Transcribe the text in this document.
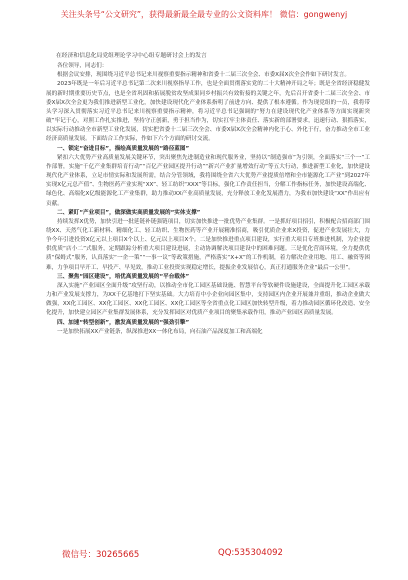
关注头条号“公文研究”，获得最新最全最专业的公文资料库！ 微信：gongwenyj
在经济和信息化局党组理论学习中心组专题研讨会上的发言

各位领导，同志们：

根据会议安排，现围绕习近平总书记来川视察重要指示精神和省委十二届三次全会、市委Ⅹ届Ⅹ次全会作如下研讨发言。

2023年既是一年后习近平总书记第二次来川视察指导工作，也是全面贯彻落实党的二十大精神开局之年；既是全省经济稳健发展的新时期重要历史节点，也是全省巩固和拓展脱贫攻坚成果同乡村振兴有效衔接的关键之年，先后召开省委十二届三次全会、市委Ⅹ届Ⅹ次全会更为我们推进新型工业化，加快建设现代化产业体系指明了前进方向、提供了根本遵循。作为现党组的一员，我将带头学习深入贯彻落实习近平总书记来川视察重要指示精神，将习近平总书记强调的“努力在建设现代化产业体系等方面实现新突破”牢记于心，对照工作扎实推进，坚持守正创新，勇于担当作为，切实扛牢主体责任、落实新的部署要求，迅速行动、狠抓落实，以实际行动推动全市新型工业化发展，切实把省委十二届三次全会、市委Ⅹ届Ⅹ次全会精神内化于心、外化于行，奋力推动全市工业经济高质量发展。下面结合工作实际，作如下六个方面的研讨交流。

一、锁定“奋进目标”，描绘高质量发展的“路径蓝图”

紧扣六大优势产业高质量发展关键环节，突出聚焦先进制造业和现代服务业，坚持以“制造强市”为引领，全面落实“三个一”工作部署，实施“千亿产业集群培育行动”“百亿产业园区提升行动”“新兴产业扩量增效行动”等五大行动，推进新型工业化，加快建设现代化产业体系，立足市情实际和发展所需，结合分管领域，我将围绕全省六大优势产业提质倍增和全市能源化工产业“到2027年实现Ⅹ亿元总产值”、生物医药产业实现“XX”、轻工纺织“XXX”等目标，强化工作责任担当，分解工作指标任务，加快建设高端化、绿色化、高端化Ⅹ亿级能源化工产业集群，助力推动XX产业高质量发展，充分释放工业化发展潜力，为我市加快建设“XX”作出应有贡献。

二、紧盯“产业项目”，做深做实高质量发展的“实体支撑”

持续发挥Ⅹ优势，加快引进一批延链补链强链项目，切实加快推进一批优势产业集群。一是抓好项目招引，积极配合招商部门围绕ⅩⅩ、天然气化工新材料、精细化工、轻工纺织、生物医药等产业开展精准招商，吸引优质企业来Ⅹ投资，促进产业发展壮大，力争今年引进投资Ⅹ亿元以上项目Ⅹ个以上、亿元以上项目Ⅹ个。二是加快推进重点项目建设，实行重大项目专班推进机制，为企业提供优质“店小二”式服务，定期跟踪分析重大项目建设进展，主动协调解决项目建设中的困难问题。三是优化营商环境，全力提供优质“保姆式”服务，认真落实“一企一策”“一事一议”等政策措施，严格落实“Ⅹ+Ⅹ”的工作机制，着力解决企业用地、用工、融资等困难，力争项目早开工、早投产、早见效，推动工业投资实现稳定增长，提振企业发展信心，真正打通服务企业“最后一公里”。

三、聚焦“园区建设”，培优高质量发展的“平台载体”

深入实施“产业园区全面升级”攻坚行动，以推动全市化工园区基础设施、智慧平台等软硬件设施建设，全面提升化工园区承载力和产业发展支撑力，为XX千亿基地打下坚实基础。大力培育中小企业向园区集中，支持园区内企业开展兼并重组，推动企业做大做强，XX化工园区、XX化工园区、XX化工园区、XX化工园区等全省重点化工园区加快转型升级，着力推动园区循环化改造、安全化提升，加快建立园区产业集群发展体系，充分发挥园区对优质产业项目的聚集承载作用，推动产业园区高质量发展。

四、加速“转型创新”，激发高质量发展的“强劲引擎”

一是加快拓展XX产业链条，纵深推进XX一体化布局，向石油产品深度加工和高端化

微信号：30265665	QQ:535304092
